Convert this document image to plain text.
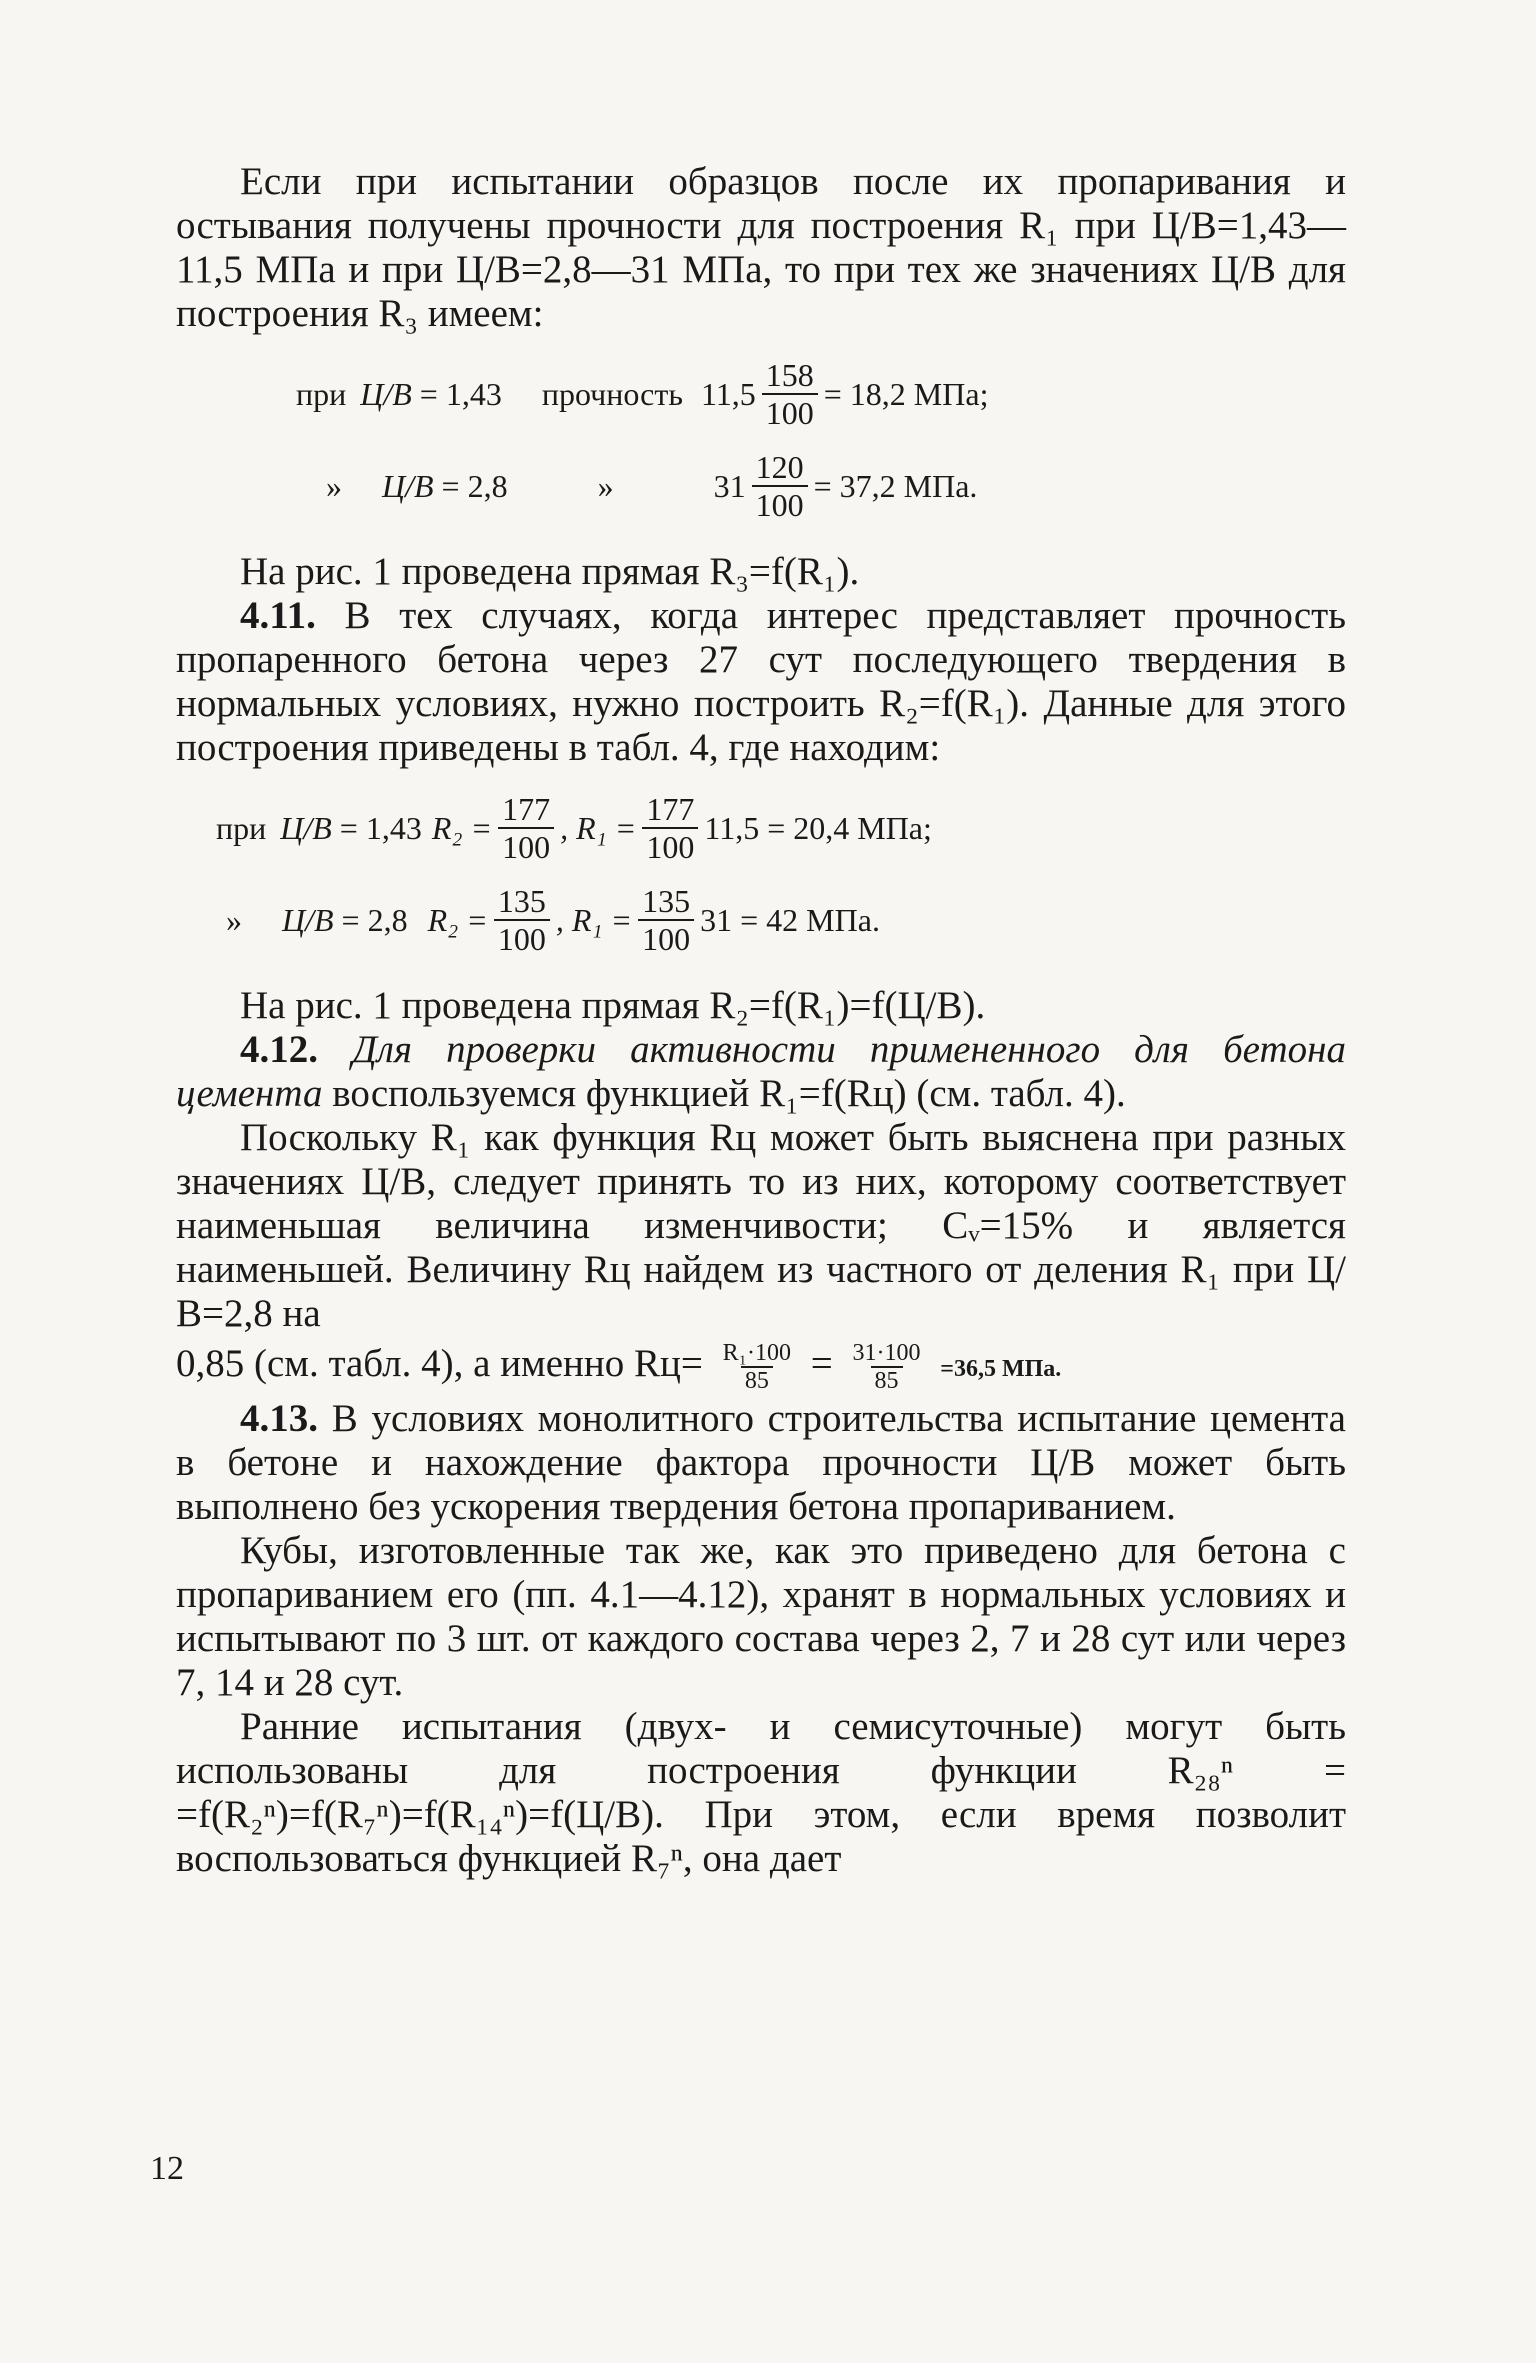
Если при испытании образцов после их пропаривания и остывания получены прочности для построения R₁ при Ц/В=1,43—11,5 МПа и при Ц/В=2,8—31 МПа, то при тех же значениях Ц/В для построения R₃ имеем:

при Ц/В = 1,43 прочность $11,5 \frac{158}{100} = 18,2$ МПа;
» Ц/В = 2,8	»	$31 \frac{120}{100} = 37,2$ МПа.

На рис. 1 проведена прямая R₃=f(R₁).

4.11. В тех случаях, когда интерес представляет прочность пропаренного бетона через 27 сут последующего твердения в нормальных условиях, нужно построить R₂=f(R₁). Данные для этого построения приведены в табл. 4, где находим:

при Ц/В = 1,43 $R_2 = \frac{177}{100}$ , $R_1 = \frac{177}{100} 11,5 = 20,4$ МПа;
» Ц/В = 2,8 $R_2 = \frac{135}{100}$ , $R_1 = \frac{135}{100} 31 = 42$ МПа.

На рис. 1 проведена прямая R₂=f(R₁)=f(Ц/В).

4.12. Для проверки активности примененного для бетона цемента воспользуемся функцией R₁=f(Rц) (см. табл. 4).

Поскольку R₁ как функция Rц может быть выяснена при разных значениях Ц/В, следует принять то из них, которому соответствует наименьшая величина изменчивости; Cᵥ=15% и является наименьшей. Величину Rц найдем из частного от деления R₁ при Ц/В=2,8 на

0,85 (см. табл. 4), а именно $Rц= \frac{\text{R₁·100}}{85} = \frac{31\cdot 100}{85} =36,5$ МПа.

4.13. В условиях монолитного строительства испытание цемента в бетоне и нахождение фактора прочности Ц/В может быть выполнено без ускорения твердения бетона пропариванием.

Кубы, изготовленные так же, как это приведено для бетона с пропариванием его (пп. 4.1—4.12), хранят в нормальных условиях и испытывают по 3 шт. от каждого состава через 2, 7 и 28 сут или через 7, 14 и 28 сут.

Ранние испытания (двух- и семисуточные) могут быть использованы для построения функции R₂₈ⁿ = =f(R₂ⁿ)=f(R₇ⁿ)=f(R₁₄ⁿ)=f(Ц/В). При этом, если время позволит воспользоваться функцией R₇ⁿ, она дает

12
